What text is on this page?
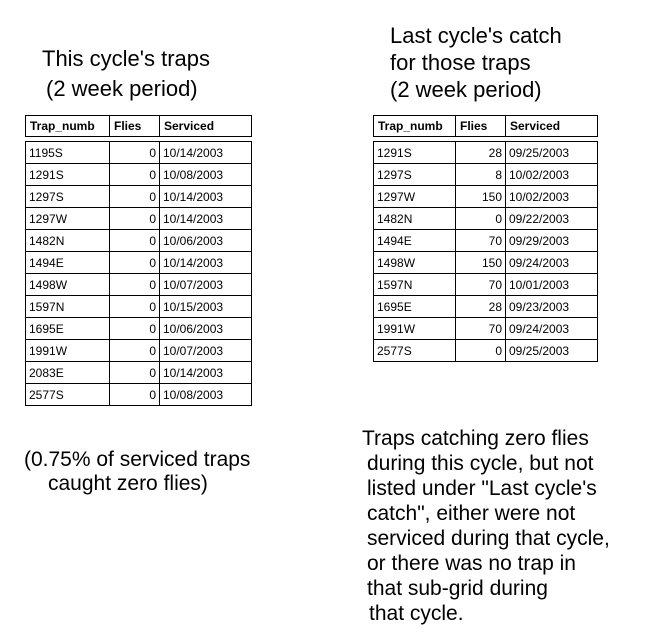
This cycle's traps
(2 week period)
Last cycle's catch
for those traps
(2 week period)
Trap_numb	Flies	Serviced

1195S	0	10/14/2003
1291S	0	10/08/2003
1297S	0	10/14/2003
1297W	0	10/14/2003
1482N	0	10/06/2003
1494E	0	10/14/2003
1498W	0	10/07/2003
1597N	0	10/15/2003
1695E	0	10/06/2003
1991W	0	10/07/2003
2083E	0	10/14/2003
2577S	0	10/08/2003
Trap_numb	Flies	Serviced

1291S	28	09/25/2003
1297S	8	10/02/2003
1297W	150	10/02/2003
1482N	0	09/22/2003
1494E	70	09/29/2003
1498W	150	09/24/2003
1597N	70	10/01/2003
1695E	28	09/23/2003
1991W	70	09/24/2003
2577S	0	09/25/2003
(0.75% of serviced traps
caught zero flies)
Traps catching zero flies
during this cycle, but not
listed under "Last cycle's
catch", either were not
serviced during that cycle,
or there was no trap in
that sub-grid during
that cycle.
